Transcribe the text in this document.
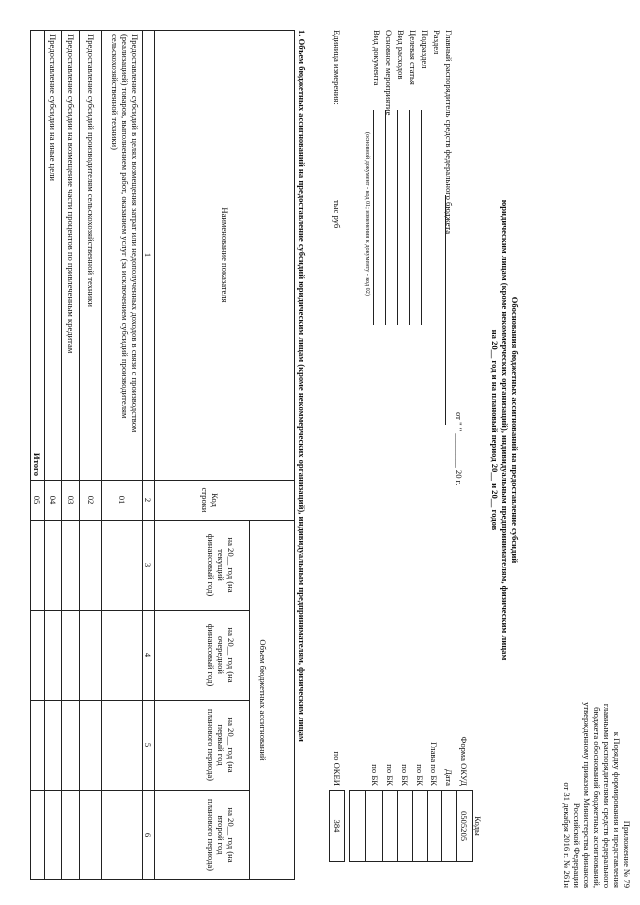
Приложение № 79
к Порядку формирования и представления
главными распорядителями средств федерального
бюджета обоснований бюджетных ассигнований,
утвержденному приказом Министерства финансов
Российской Федерации
от 31 декабря 2016 г. № 261н
Обоснования бюджетных ассигнований на предоставление субсидий
юридическим лицам (кроме некоммерческих организаций), индивидуальным предпринимателям, физическим лицам
на 20__ год и на плановый период 20__ и 20__ годов
от " " ________ 20 г.
Коды
0505205
Форма ОКУД
Дата
Глава по БК
по БК
по БК
по БК
по БК
по ОКЕИ
384
Главный распорядитель средств федерального бюджета
Раздел
Подраздел
Целевая статья
Вид расходов
Основное мероприятие
Вид документа
(основной документ - код 01; изменения к документу - код 02)
Единица измерения:
тыс руб
1. Объем бюджетных ассигнований на предоставление субсидий юридическим лицам (кроме некоммерческих организаций), индивидуальным предпринимателям, физическим лицам
Наименование показателя
Код строки
Объем бюджетных ассигнований
на 20__ год (на текущий финансовый год)
на 20__ год (на очередной финансовый год)
на 20__ год (на первый год планового периода)
на 20__ год (на второй год планового периода)
1
2
3
4
5
6
Предоставление субсидий в целях возмещения затрат или недополученных доходов в связи с производством (реализацией) товаров, выполнением работ, оказанием услуг (за исключением субсидий производителям сельскохозяйственной техники)
01
Предоставление субсидий производителям сельскохозяйственной техники
02
Предоставление субсидии на возмещение части процентов по привлеченным кредитам
03
Предоставление субсидии на иные цели
04
Итого
05
